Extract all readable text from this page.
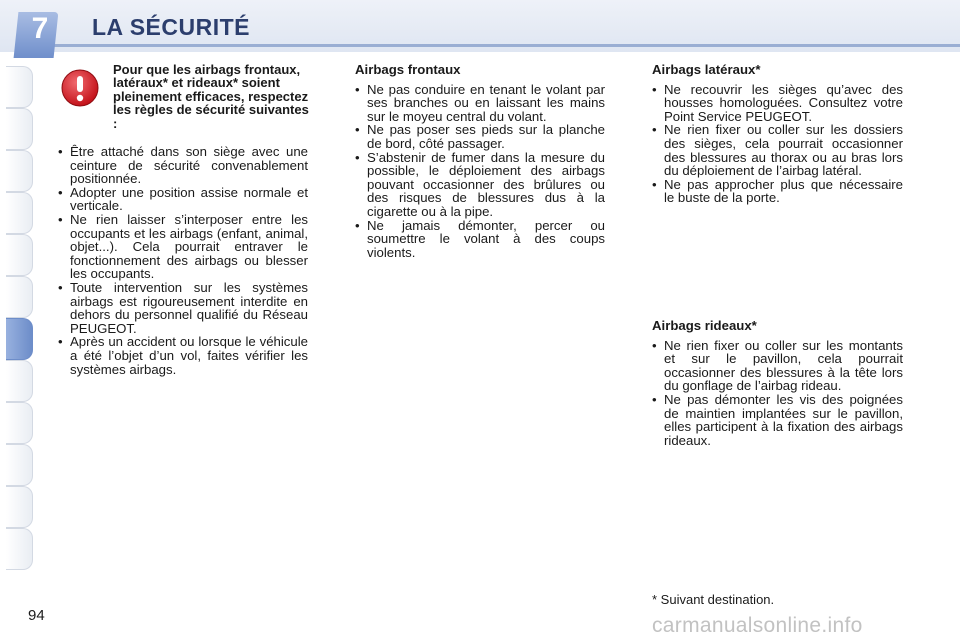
7	LA SÉCURITÉ
Pour que les airbags frontaux, latéraux* et rideaux* soient pleinement efficaces, respectez les règles de sécurité suivantes :
• Être attaché dans son siège avec une ceinture de sécurité convenablement positionnée.
• Adopter une position assise normale et verticale.
• Ne rien laisser s’interposer entre les occupants et les airbags (enfant, animal, objet...). Cela pourrait entraver le fonctionnement des airbags ou blesser les occupants.
• Toute intervention sur les systèmes airbags est rigoureusement interdite en dehors du personnel qualifié du Réseau PEUGEOT.
• Après un accident ou lorsque le véhicule a été l’objet d’un vol, faites vérifier les systèmes airbags.
Airbags frontaux
• Ne pas conduire en tenant le volant par ses branches ou en laissant les mains sur le moyeu central du volant.
• Ne pas poser ses pieds sur la planche de bord, côté passager.
• S’abstenir de fumer dans la mesure du possible, le déploiement des airbags pouvant occasionner des brûlures ou des risques de blessures dus à la cigarette ou à la pipe.
• Ne jamais démonter, percer ou soumettre le volant à des coups violents.
Airbags latéraux*
• Ne recouvrir les sièges qu’avec des housses homologuées. Consultez votre Point Service PEUGEOT.
• Ne rien fixer ou coller sur les dossiers des sièges, cela pourrait occasionner des blessures au thorax ou au bras lors du déploiement de l’airbag latéral.
• Ne pas approcher plus que nécessaire le buste de la porte.
Airbags rideaux*
• Ne rien fixer ou coller sur les montants et sur le pavillon, cela pourrait occasionner des blessures à la tête lors du gonflage de l’airbag rideau.
• Ne pas démonter les vis des poignées de maintien implantées sur le pavillon, elles participent à la fixation des airbags rideaux.
* Suivant destination.
94	carmanualsonline.info
